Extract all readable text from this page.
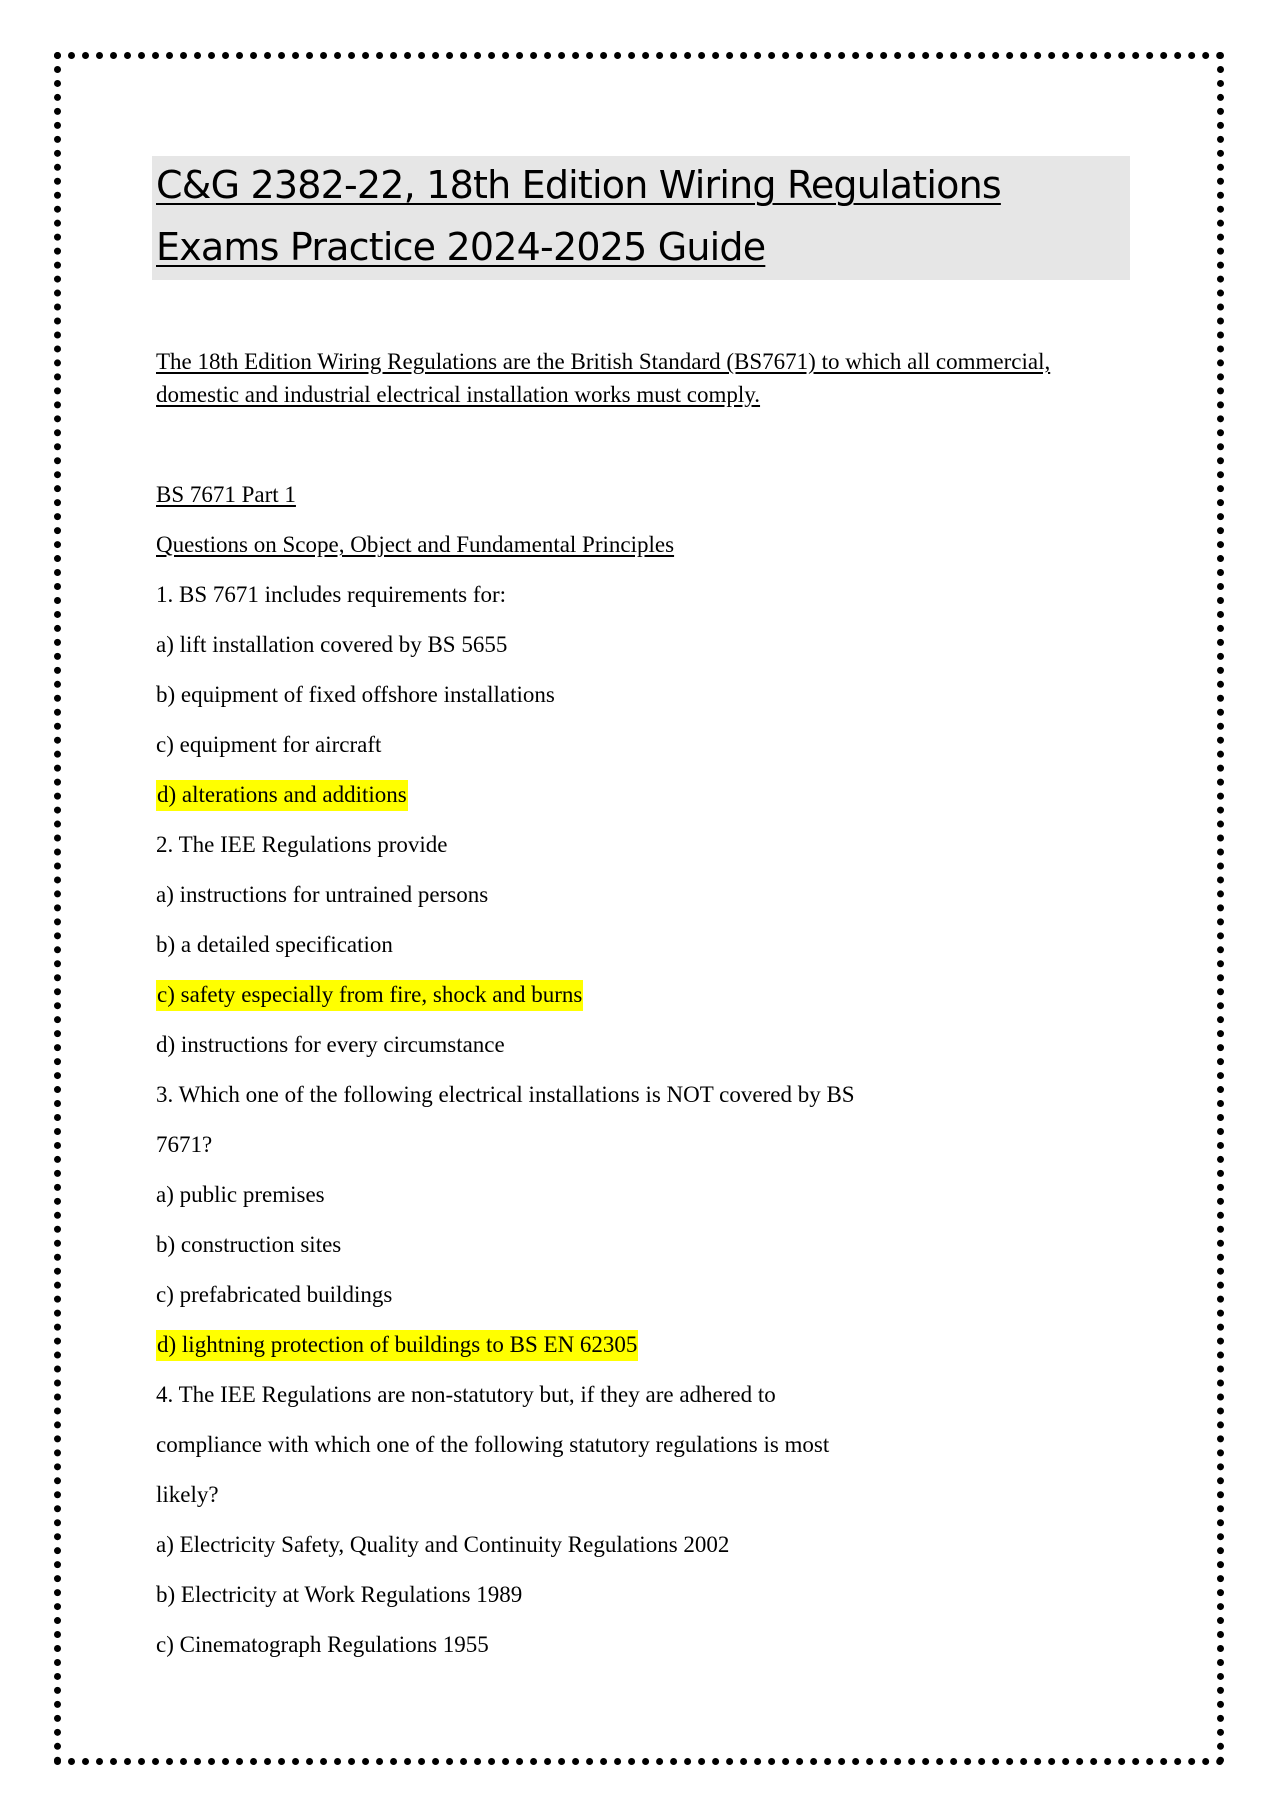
C&G 2382-22, 18th Edition Wiring Regulations
Exams Practice 2024-2025 Guide
The 18th Edition Wiring Regulations are the British Standard (BS7671) to which all commercial,
domestic and industrial electrical installation works must comply.
BS 7671 Part 1
Questions on Scope, Object and Fundamental Principles
1. BS 7671 includes requirements for:
a) lift installation covered by BS 5655
b) equipment of fixed offshore installations
c) equipment for aircraft
d) alterations and additions
2. The IEE Regulations provide
a) instructions for untrained persons
b) a detailed specification
c) safety especially from fire, shock and burns
d) instructions for every circumstance
3. Which one of the following electrical installations is NOT covered by BS
7671?
a) public premises
b) construction sites
c) prefabricated buildings
d) lightning protection of buildings to BS EN 62305
4. The IEE Regulations are non-statutory but, if they are adhered to
compliance with which one of the following statutory regulations is most
likely?
a) Electricity Safety, Quality and Continuity Regulations 2002
b) Electricity at Work Regulations 1989
c) Cinematograph Regulations 1955
